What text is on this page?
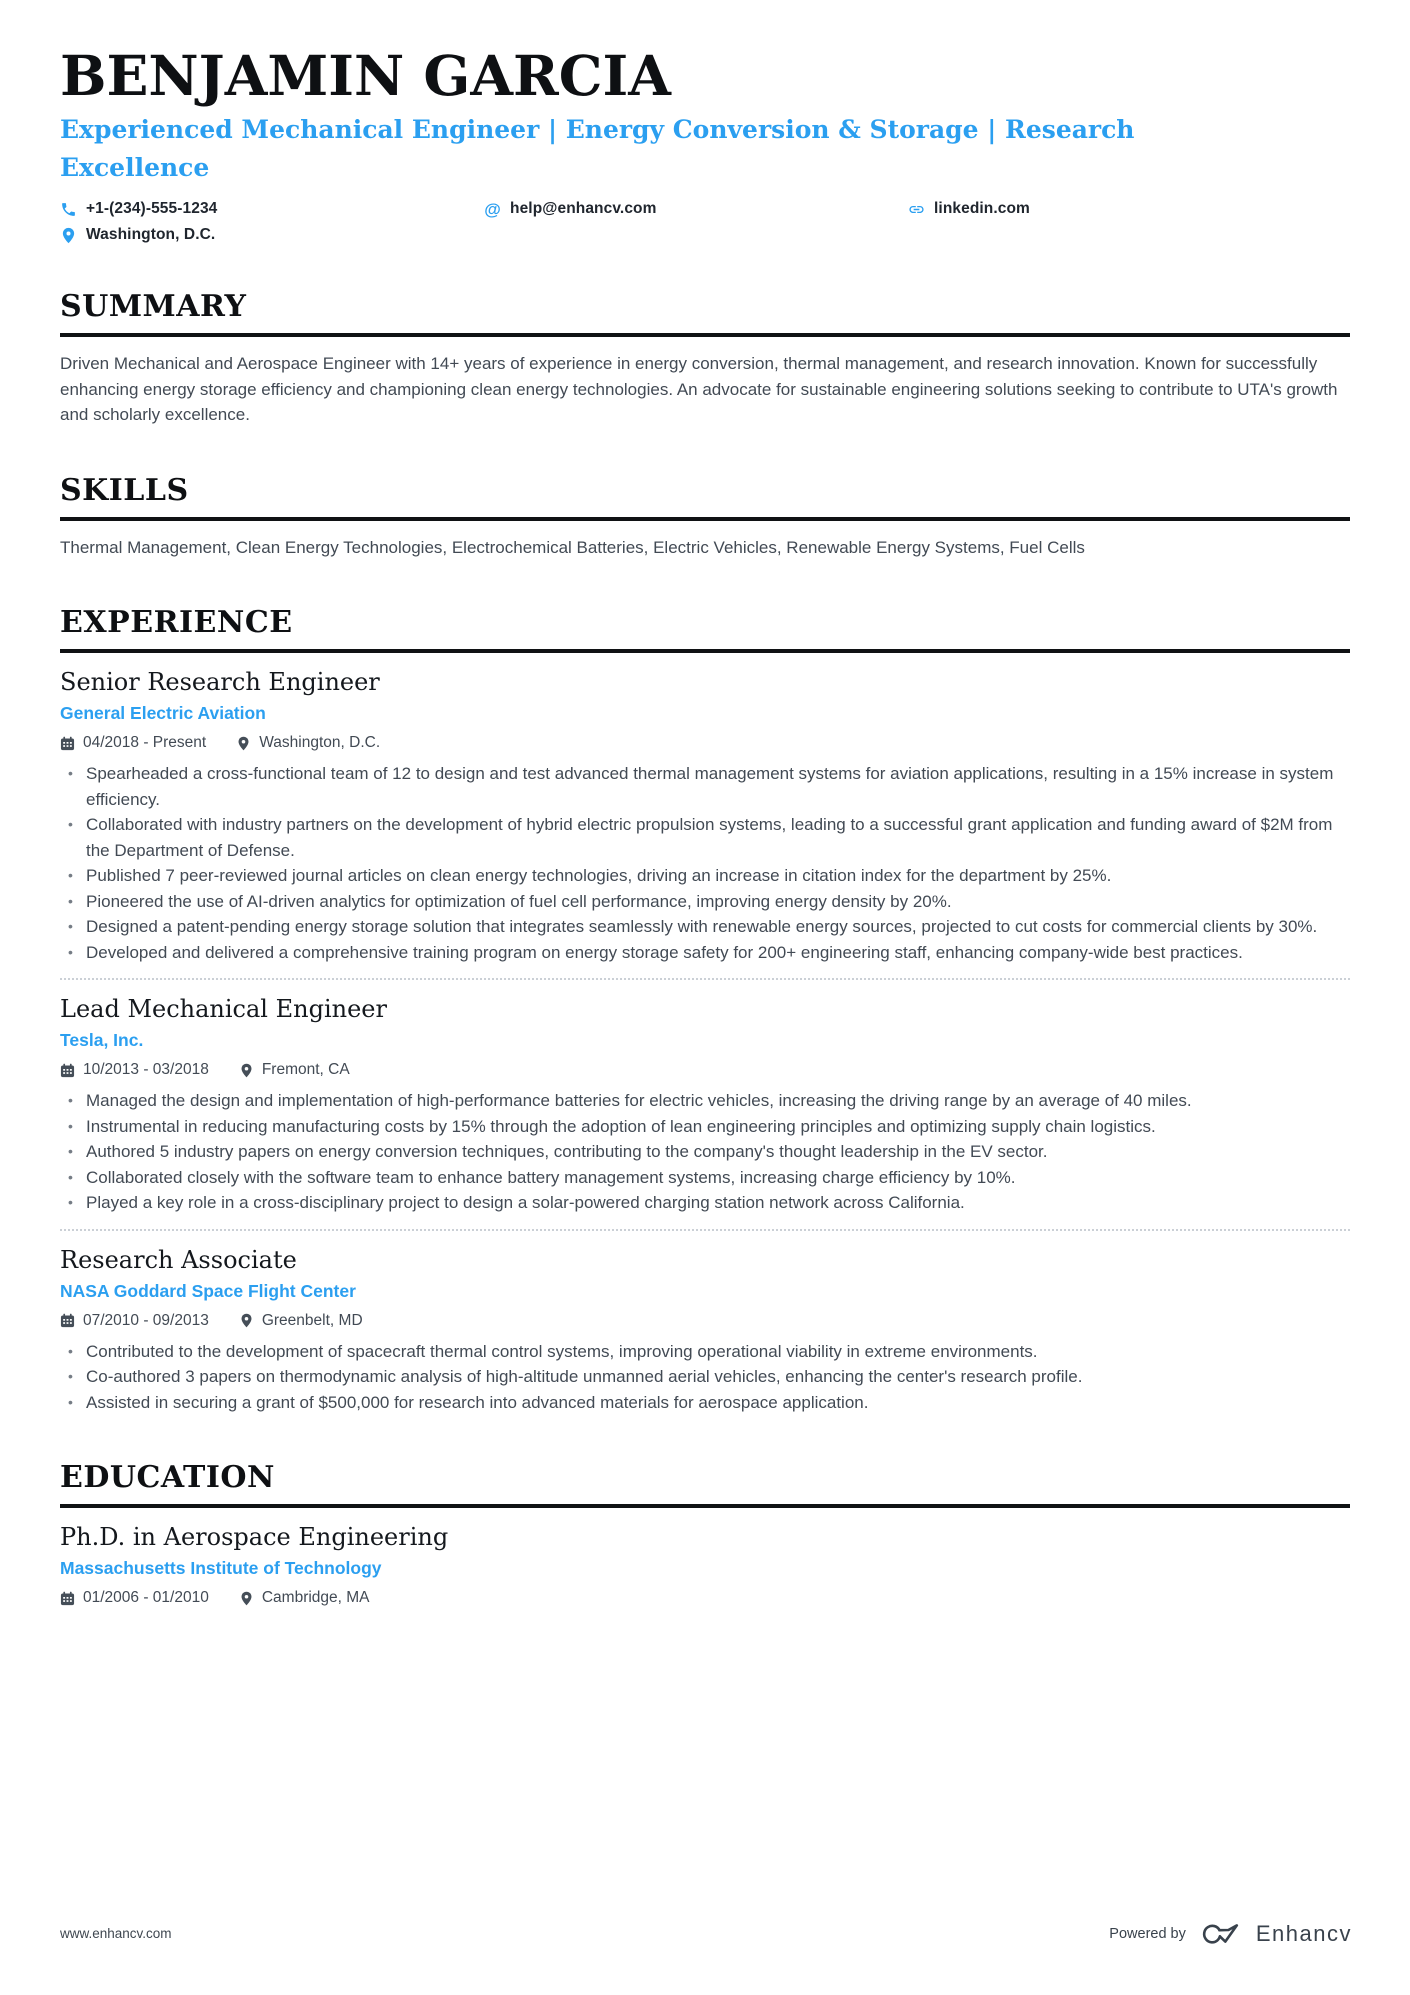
BENJAMIN GARCIA
Experienced Mechanical Engineer | Energy Conversion & Storage | Research Excellence
+1-(234)-555-1234	@ help@enhancv.com	linkedin.com
Washington, D.C.
SUMMARY

Driven Mechanical and Aerospace Engineer with 14+ years of experience in energy conversion, thermal management, and research innovation. Known for successfully enhancing energy storage efficiency and championing clean energy technologies. An advocate for sustainable engineering solutions seeking to contribute to UTA's growth and scholarly excellence.

SKILLS

Thermal Management, Clean Energy Technologies, Electrochemical Batteries, Electric Vehicles, Renewable Energy Systems, Fuel Cells

EXPERIENCE
Senior Research Engineer
General Electric Aviation
04/2018 - Present	Washington, D.C.
• Spearheaded a cross-functional team of 12 to design and test advanced thermal management systems for aviation applications, resulting in a 15% increase in system efficiency.
• Collaborated with industry partners on the development of hybrid electric propulsion systems, leading to a successful grant application and funding award of $2M from the Department of Defense.
• Published 7 peer-reviewed journal articles on clean energy technologies, driving an increase in citation index for the department by 25%.
• Pioneered the use of AI-driven analytics for optimization of fuel cell performance, improving energy density by 20%.
• Designed a patent-pending energy storage solution that integrates seamlessly with renewable energy sources, projected to cut costs for commercial clients by 30%.
• Developed and delivered a comprehensive training program on energy storage safety for 200+ engineering staff, enhancing company-wide best practices.
Lead Mechanical Engineer
Tesla, Inc.
10/2013 - 03/2018	Fremont, CA
• Managed the design and implementation of high-performance batteries for electric vehicles, increasing the driving range by an average of 40 miles.
• Instrumental in reducing manufacturing costs by 15% through the adoption of lean engineering principles and optimizing supply chain logistics.
• Authored 5 industry papers on energy conversion techniques, contributing to the company's thought leadership in the EV sector.
• Collaborated closely with the software team to enhance battery management systems, increasing charge efficiency by 10%.
• Played a key role in a cross-disciplinary project to design a solar-powered charging station network across California.
Research Associate
NASA Goddard Space Flight Center
07/2010 - 09/2013	Greenbelt, MD
• Contributed to the development of spacecraft thermal control systems, improving operational viability in extreme environments.
• Co-authored 3 papers on thermodynamic analysis of high-altitude unmanned aerial vehicles, enhancing the center's research profile.
• Assisted in securing a grant of $500,000 for research into advanced materials for aerospace application.
EDUCATION
Ph.D. in Aerospace Engineering
Massachusetts Institute of Technology
01/2006 - 01/2010	Cambridge, MA
www.enhancv.com	Powered by	Enhancv
